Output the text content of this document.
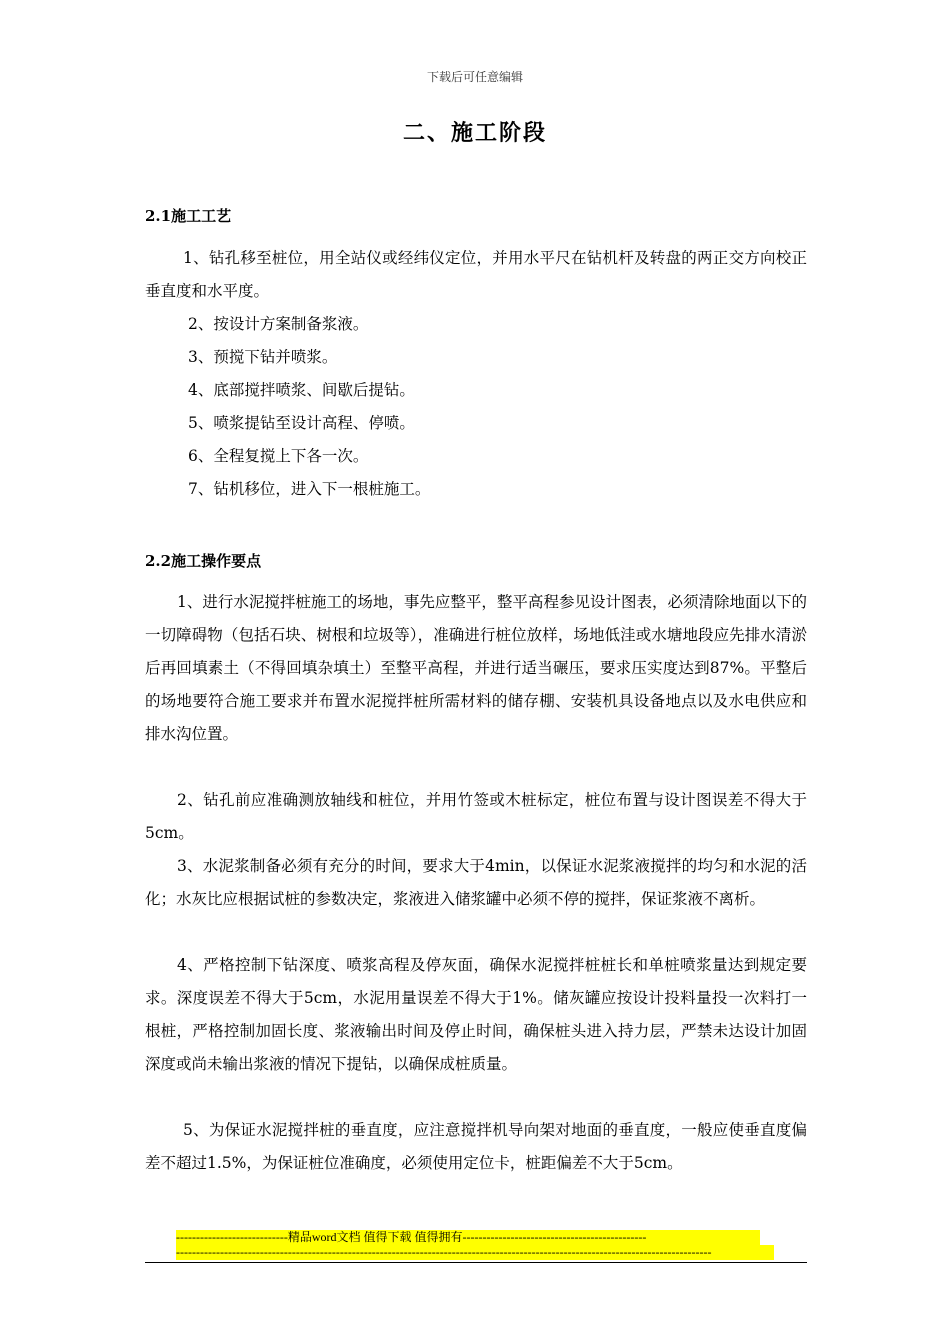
下载后可任意编辑
二、施工阶段
2.1施工工艺

1、钻孔移至桩位，用全站仪或经纬仪定位，并用水平尺在钻机杆及转盘的两正交方向校正垂直度和水平度。

2、按设计方案制备浆液。

3、预搅下钻并喷浆。

4、底部搅拌喷浆、间歇后提钻。

5、喷浆提钻至设计高程、停喷。

6、全程复搅上下各一次。

7、钻机移位，进入下一根桩施工。

2.2施工操作要点

1、进行水泥搅拌桩施工的场地，事先应整平，整平高程参见设计图表，必须清除地面以下的一切障碍物（包括石块、树根和垃圾等），准确进行桩位放样，场地低洼或水塘地段应先排水清淤后再回填素土（不得回填杂填土）至整平高程，并进行适当碾压，要求压实度达到87%。平整后的场地要符合施工要求并布置水泥搅拌桩所需材料的储存棚、安装机具设备地点以及水电供应和排水沟位置。

2、钻孔前应准确测放轴线和桩位，并用竹签或木桩标定，桩位布置与设计图误差不得大于5cm。

3、水泥浆制备必须有充分的时间，要求大于4min，以保证水泥浆液搅拌的均匀和水泥的活化；水灰比应根据试桩的参数决定，浆液进入储浆罐中必须不停的搅拌，保证浆液不离析。

4、严格控制下钻深度、喷浆高程及停灰面，确保水泥搅拌桩桩长和单桩喷浆量达到规定要求。深度误差不得大于5cm，水泥用量误差不得大于1%。储灰罐应按设计投料量投一次料打一根桩，严格控制加固长度、浆液输出时间及停止时间，确保桩头进入持力层，严禁未达设计加固深度或尚未输出浆液的情况下提钻，以确保成桩质量。

5、为保证水泥搅拌桩的垂直度，应注意搅拌机导向架对地面的垂直度，一般应使垂直度偏差不超过1.5%，为保证桩位准确度，必须使用定位卡，桩距偏差不大于5cm。

----------------------------精品word文档 值得下载 值得拥有----------------------------------------------
--------------------------------------------------------------------------------------------------------------------------------------
